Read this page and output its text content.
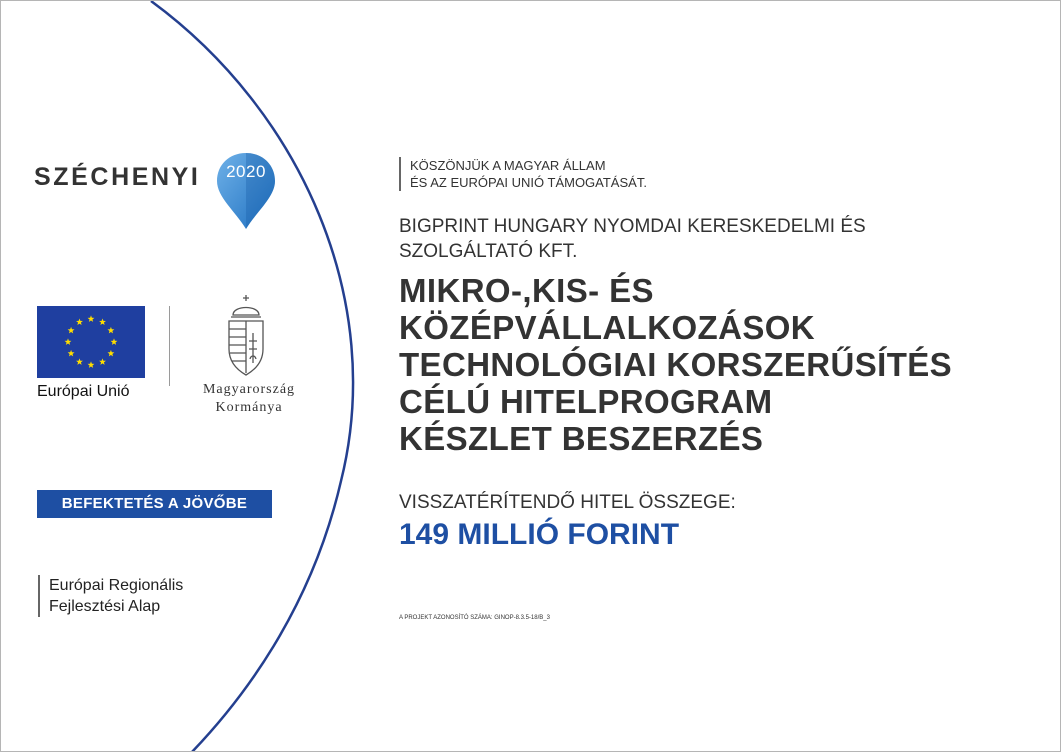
SZÉCHENYI	2020
Európai Unió	Magyarország
Kormánya
BEFEKTETÉS A JÖVŐBE
Európai Regionális
Fejlesztési Alap
KÖSZÖNJÜK A MAGYAR ÁLLAM
ÉS AZ EURÓPAI UNIÓ TÁMOGATÁSÁT.
BIGPRINT HUNGARY NYOMDAI KERESKEDELMI ÉS
SZOLGÁLTATÓ KFT.
MIKRO-,KIS- ÉS
KÖZÉPVÁLLALKOZÁSOK
TECHNOLÓGIAI KORSZERŰSÍTÉS
CÉLÚ HITELPROGRAM
KÉSZLET BESZERZÉS
VISSZATÉRÍTENDŐ HITEL ÖSSZEGE:
149 MILLIÓ FORINT
A PROJEKT AZONOSÍTÓ SZÁMA: GINOP-8.3.5-18/B_3
